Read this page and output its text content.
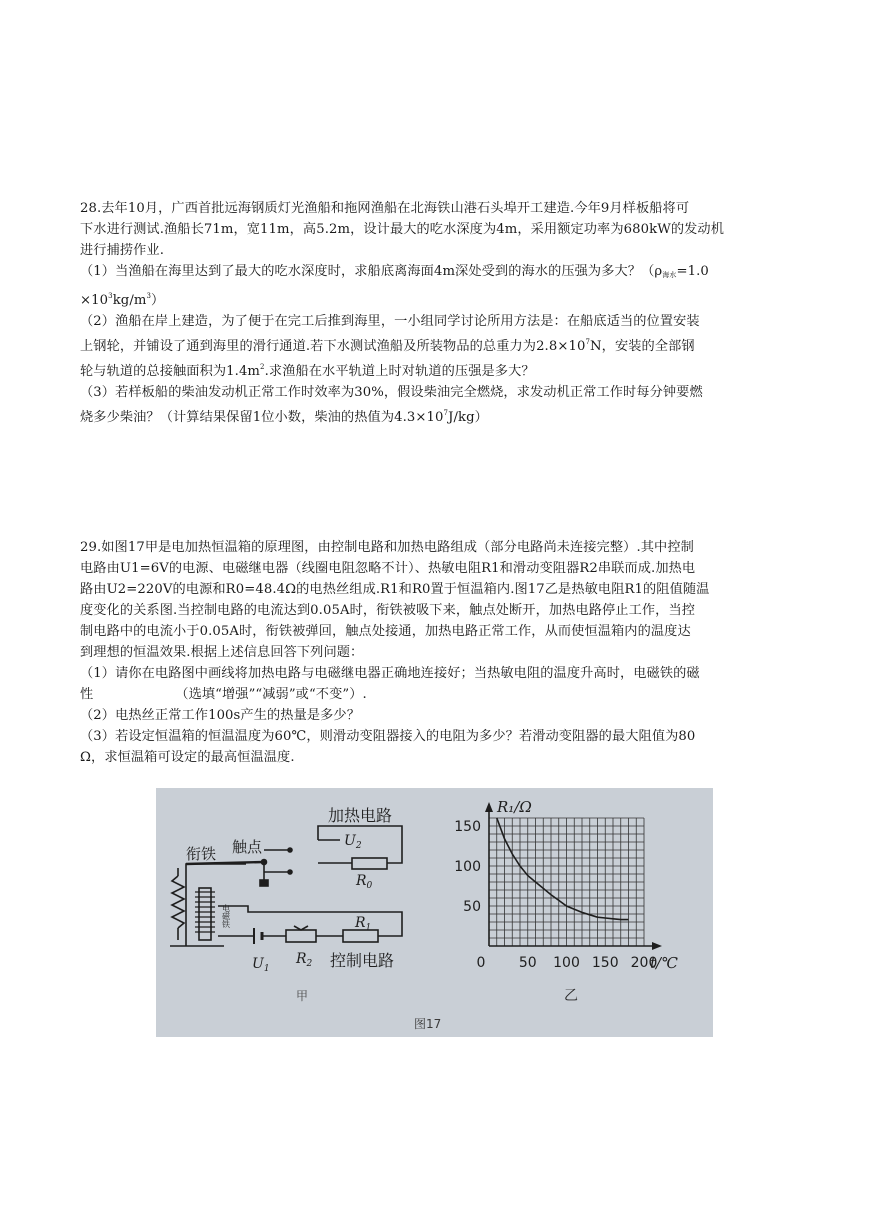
28.去年10月，广西首批远海钢质灯光渔船和拖网渔船在北海铁山港石头埠开工建造.今年9月样板船将可
下水进行测试.渔船长71m，宽11m，高5.2m，设计最大的吃水深度为4m，采用额定功率为680kW的发动机
进行捕捞作业.
（1）当渔船在海里达到了最大的吃水深度时，求船底离海面4m深处受到的海水的压强为多大？（$\rho_{海水}=1.0$
$\times 10^3kg/m^3$）
（2）渔船在岸上建造，为了便于在完工后推到海里，一小组同学讨论所用方法是：在船底适当的位置安装
上钢轮，并铺设了通到海里的滑行通道.若下水测试渔船及所装物品的总重力为$2.8\times 10^7N$，安装的全部钢
轮与轨道的总接触面积为$1.4m^2$.求渔船在水平轨道上时对轨道的压强是多大？
（3）若样板船的柴油发动机正常工作时效率为30%，假设柴油完全燃烧，求发动机正常工作时每分钟要燃
烧多少柴油？（计算结果保留1位小数，柴油的热值为$4.3\times 10^7J/kg$）
29.如图17甲是电加热恒温箱的原理图，由控制电路和加热电路组成（部分电路尚未连接完整）.其中控制
电路由U1=6V的电源、电磁继电器（线圈电阻忽略不计）、热敏电阻R1和滑动变阻器R2串联而成.加热电
路由U2=220V的电源和R0=48.4Ω的电热丝组成.R1和R0置于恒温箱内.图17乙是热敏电阻R1的阻值随温
度变化的关系图.当控制电路的电流达到0.05A时，衔铁被吸下来，触点处断开，加热电路停止工作，当控
制电路中的电流小于0.05A时，衔铁被弹回，触点处接通，加热电路正常工作，从而使恒温箱内的温度达
到理想的恒温效果.根据上述信息回答下列问题：
（1）请你在电路图中画线将加热电路与电磁继电器正确地连接好；当热敏电阻的温度升高时，电磁铁的磁
性	（选填“增强”“减弱”或“不变”）.
（2）电热丝正常工作100s产生的热量是多少？
（3）若设定恒温箱的恒温温度为60℃，则滑动变阻器接入的电阻为多少？若滑动变阻器的最大阻值为80
Ω，求恒温箱可设定的最高恒温温度.
加热电路
$U_2$
$R_0$
衔铁 触点
电磁铁	$R_1$
$U_1$
$R_2$ 控制电路
甲	乙
图17
50
100
150
0 50 100 150 200
R₁/Ω
t/℃
